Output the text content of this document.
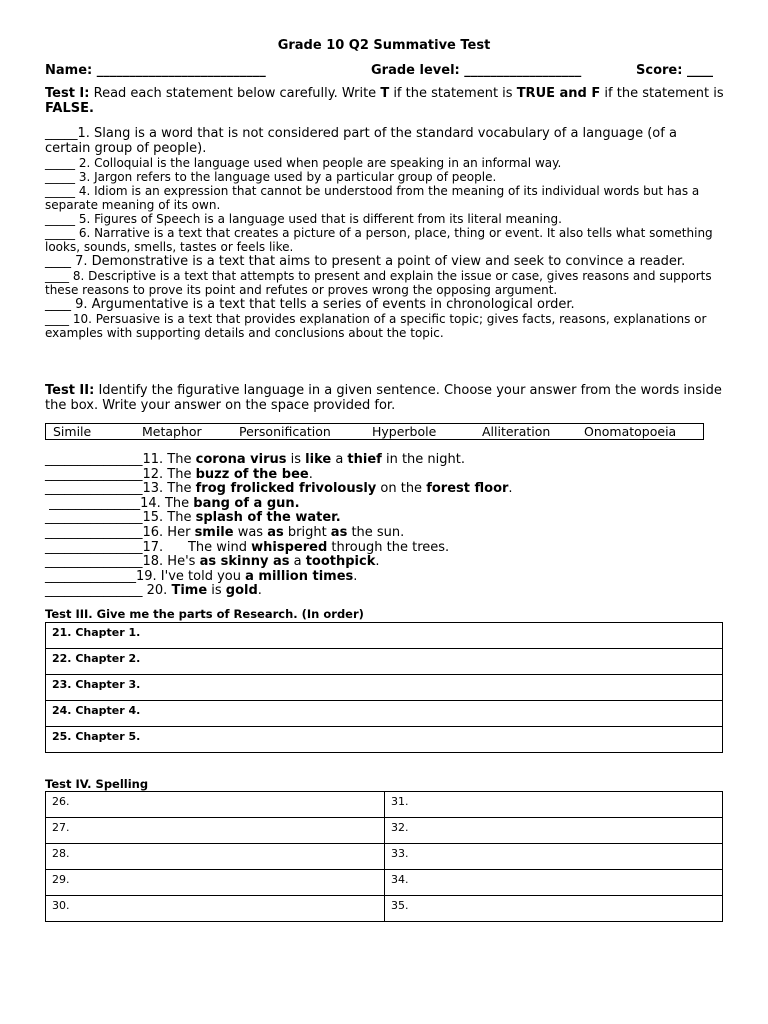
Grade 10 Q2 Summative Test
Name: __________________________	Grade level: __________________	Score: ____
Test I: Read each statement below carefully. Write T if the statement is TRUE and F if the statement is FALSE.
_____1. Slang is a word that is not considered part of the standard vocabulary of a language (of a certain group of people).
_____ 2. Colloquial is the language used when people are speaking in an informal way.
_____ 3. Jargon refers to the language used by a particular group of people.
_____ 4. Idiom is an expression that cannot be understood from the meaning of its individual words but has a separate meaning of its own.
_____ 5. Figures of Speech is a language used that is different from its literal meaning.
_____ 6. Narrative is a text that creates a picture of a person, place, thing or event. It also tells what something looks, sounds, smells, tastes or feels like.
____ 7. Demonstrative is a text that aims to present a point of view and seek to convince a reader.
____ 8. Descriptive is a text that attempts to present and explain the issue or case, gives reasons and supports these reasons to prove its point and refutes or proves wrong the opposing argument.
____ 9. Argumentative is a text that tells a series of events in chronological order.
____ 10. Persuasive is a text that provides explanation of a specific topic; gives facts, reasons, explanations or examples with supporting details and conclusions about the topic.
Test II: Identify the figurative language in a given sentence. Choose your answer from the words inside the box. Write your answer on the space provided for.
Simile	Metaphor	Personification	Hyperbole	Alliteration	Onomatopoeia
_______________11. The corona virus is like a thief in the night.
_______________12. The buzz of the bee.
_______________13. The frog frolicked frivolously on the forest floor.
______________14. The bang of a gun.
_______________15. The splash of the water.
_______________16. Her smile was as bright as the sun.
_______________17.      The wind whispered through the trees.
_______________18. He's as skinny as a toothpick.
______________19. I've told you a million times.
_______________ 20. Time is gold.
Test III. Give me the parts of Research. (In order)
21. Chapter 1.
22. Chapter 2.
23. Chapter 3.
24. Chapter 4.
25. Chapter 5.
Test IV. Spelling
26.	31.
27.	32.
28.	33.
29.	34.
30.	35.
